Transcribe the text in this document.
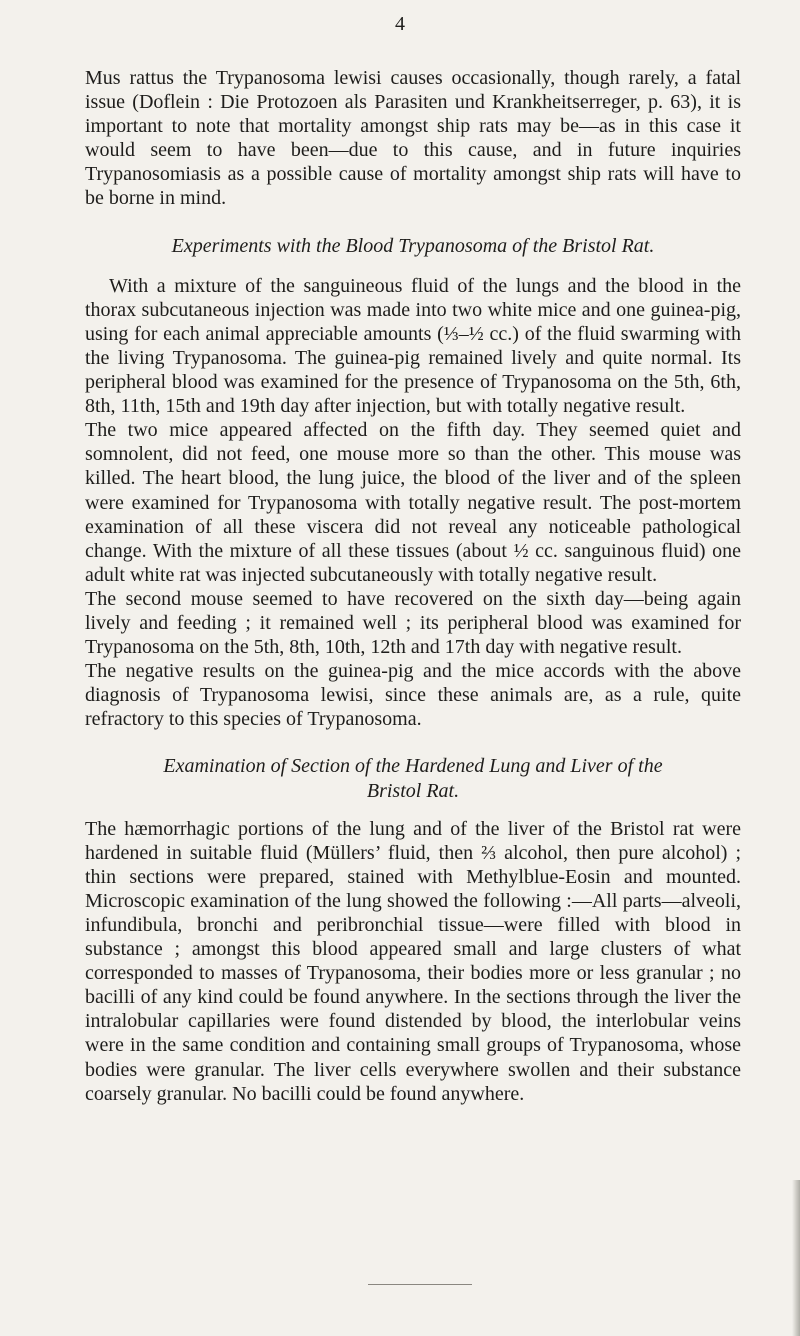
4

Mus rattus the Trypanosoma lewisi causes occasionally, though rarely, a fatal issue (Doflein : Die Protozoen als Parasiten und Krankheitserreger, p. 63), it is important to note that mortality amongst ship rats may be—as in this case it would seem to have been—due to this cause, and in future inquiries Trypanosomiasis as a possible cause of mortality amongst ship rats will have to be borne in mind.

Experiments with the Blood Trypanosoma of the Bristol Rat.

With a mixture of the sanguineous fluid of the lungs and the blood in the thorax subcutaneous injection was made into two white mice and one guinea-pig, using for each animal appreciable amounts (⅓–½ cc.) of the fluid swarming with the living Trypanosoma. The guinea-pig remained lively and quite normal. Its peripheral blood was examined for the presence of Trypanosoma on the 5th, 6th, 8th, 11th, 15th and 19th day after injection, but with totally negative result.

The two mice appeared affected on the fifth day. They seemed quiet and somnolent, did not feed, one mouse more so than the other. This mouse was killed. The heart blood, the lung juice, the blood of the liver and of the spleen were examined for Trypanosoma with totally negative result. The post-mortem examination of all these viscera did not reveal any noticeable pathological change. With the mixture of all these tissues (about ½ cc. sanguinous fluid) one adult white rat was injected subcutaneously with totally negative result.

The second mouse seemed to have recovered on the sixth day—being again lively and feeding ; it remained well ; its peripheral blood was examined for Trypanosoma on the 5th, 8th, 10th, 12th and 17th day with negative result.

The negative results on the guinea-pig and the mice accords with the above diagnosis of Trypanosoma lewisi, since these animals are, as a rule, quite refractory to this species of Trypanosoma.

Examination of Section of the Hardened Lung and Liver of the
Bristol Rat.

The hæmorrhagic portions of the lung and of the liver of the Bristol rat were hardened in suitable fluid (Müllers’ fluid, then ⅔ alcohol, then pure alcohol) ; thin sections were prepared, stained with Methylblue-Eosin and mounted. Microscopic examination of the lung showed the following :—All parts—alveoli, infundibula, bronchi and peribronchial tissue—were filled with blood in substance ; amongst this blood appeared small and large clusters of what corresponded to masses of Trypanosoma, their bodies more or less granular ; no bacilli of any kind could be found anywhere. In the sections through the liver the intralobular capillaries were found distended by blood, the interlobular veins were in the same condition and containing small groups of Trypanosoma, whose bodies were granular. The liver cells everywhere swollen and their substance coarsely granular. No bacilli could be found anywhere.
